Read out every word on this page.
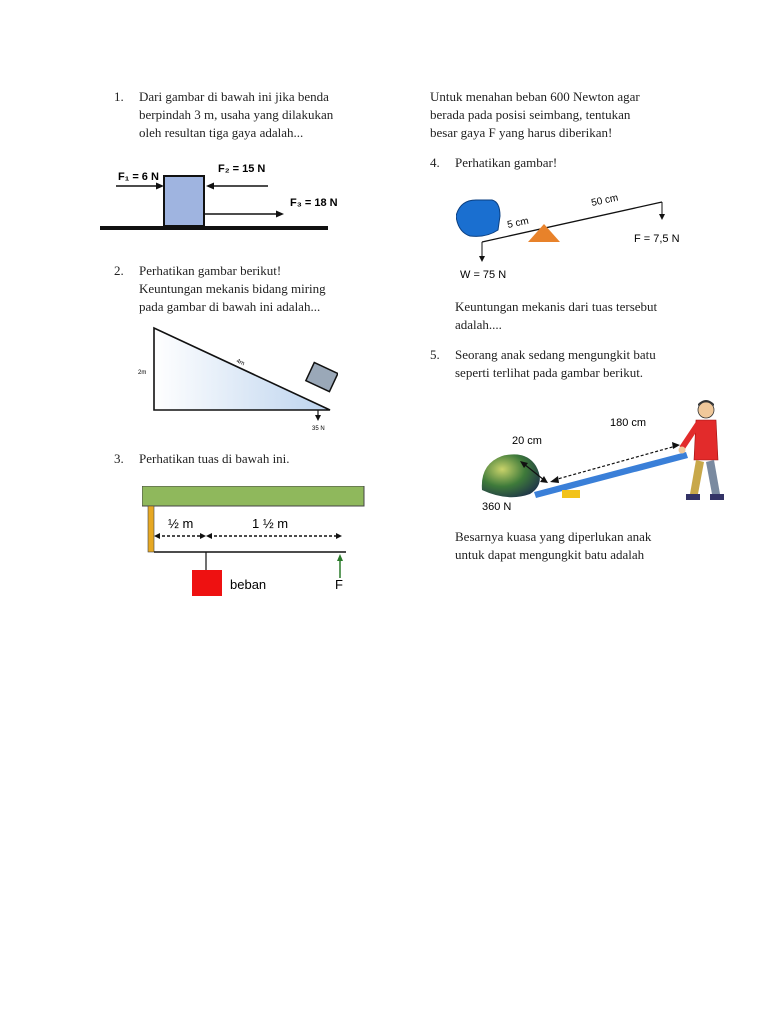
1. Dari gambar di bawah ini jika benda
berpindah 3 m, usaha yang dilakukan
oleh resultan tiga gaya adalah...
F₁ = 6 N
F₂ = 15 N
F₃ = 18 N
2. Perhatikan gambar berikut!
Keuntungan mekanis bidang miring
pada gambar di bawah ini adalah...
2m
4m
35 N
3. Perhatikan tuas di bawah ini.
½ m	1 ½ m
beban	F

Untuk menahan beban 600 Newton agar
berada pada posisi seimbang, tentukan
besar gaya F yang harus diberikan!

4. Perhatikan gambar!
50 cm
5 cm
F = 7,5 N
W = 75 N

Keuntungan mekanis dari tuas tersebut
adalah....

5. Seorang anak sedang mengungkit batu
seperti terlihat pada gambar berikut.
180 cm
20 cm
360 N

Besarnya kuasa yang diperlukan anak
untuk dapat mengungkit batu adalah
